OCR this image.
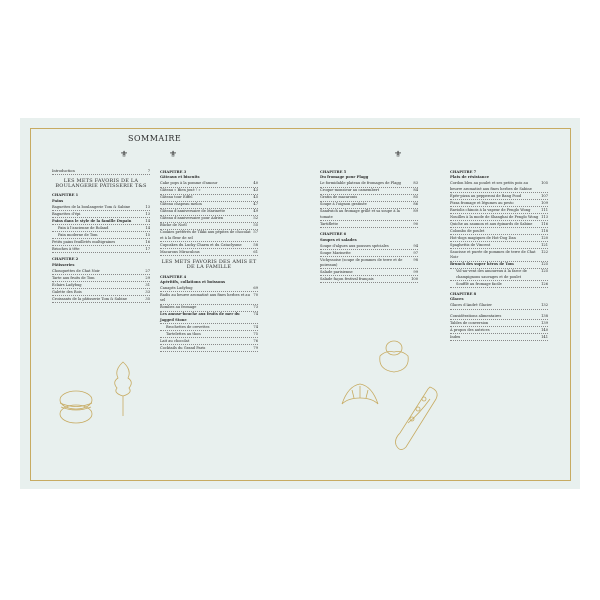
⚜
SOMMAIRE
⚜	⚜
Introduction	7
LES METS FAVORIS DE LA BOULANGERIE PÂTISSERIE T&S
CHAPITRE 1
Pains
Baguettes de la boulangerie Tom & Sabine	13
Baguettes d'épi	13
Pains dans le style de la famille Dupain	14
Pain à l'ancienne de Roland	14
Pain moderne de Tom	15
Petits pains feuilletés multigraines	16
Brioches à tête	17
CHAPITRE 2
Pâtisseries
Chouquettes de Chat Noir	27
Tarte aux fruits de Tom	29
Éclairs Ladybug	31
Galette des Rois	33
Croissants de la pâtisserie Tom & Sabine	35
CHAPITRE 3
Gâteaux et biscuits
Cake pops à la pomme d'amour	40
Gâteau « Bien joué ! »	43
Gâteau tour Eiffel	45
Gâteau chapeau melon	47
Gâteau d'anniversaire de Marinette	49
Gâteau d'anniversaire pour Adrien	52
Bûche de Noël	55
Cookies préférés de Tikki aux pépites de chocolat et à la fleur de sel
57
Cupcakes du Lucky Charm et du Cataclysme	58
Macarons Miraculous	61
LES METS FAVORIS DES AMIS ET DE LA FAMILLE
CHAPITRE 4
Apéritifs, collations et boissons
Canapés Ladybug	69
Radis au beurre aromatisé aux fines herbes et au sel
70
Bombes au fromage	73
Les amuse-bouche aux fruits de mer du Jagged Stone
74
Brochettes de crevettes	74
Tartelettes au thon	75
Lait au chocolat	76
Cocktails du Grand Paris	79
CHAPITRE 5
Du fromage pour Plagg
Le formidable plateau de fromages de Plagg	83
Croque-monsieur au camembert	84
Gratin de macaronis	85
Soupe à l'oignon gratinée	86
Sandwich au fromage grillé et sa soupe à la tomate
89
Tartiflette	90
CHAPITRE 6
Soupes et salades
Soupe d'algues aux pousses spéciales	94
Soupe Marinette	97
Vichyssoise (soupe de pommes de terre et de poireaux)
98
Salade parisienne	99
Salade façon festival français	100
CHAPITRE 7
Plats de résistance
Cordon bleu au poulet et ses petits pois au beurre aromatisé aux fines herbes de Sabine
105
Épée-pizza au pepperoni de Bang Pood	107
Pizza fromage et légumes au pesto	109
Raviolis chinois à la vapeur de Fenglo Wong	111
Nouilles à la mode de Shanghai de Fenglo Wong 113
Quiche au saumon et aux épinards de Sabine	116
Colombo de poulet	118
Hot-dogs magiques de Hot-Dog Dan	120
Spaghettis de Vincent	121
Saucisse et purée de pommes de terre de Chat Noir
122
Brunch des super héros de Tom	125
Vol-au-vent des amoureux à la farce de champignons sauvages et de poulet
125
Soufflé au fromage facile	126
CHAPITRE 8
Glaces
Glaces d'André Glacier	132
Considérations alimentaires	138
Tables de conversion	139
À propos des autrices	140
Index	141
